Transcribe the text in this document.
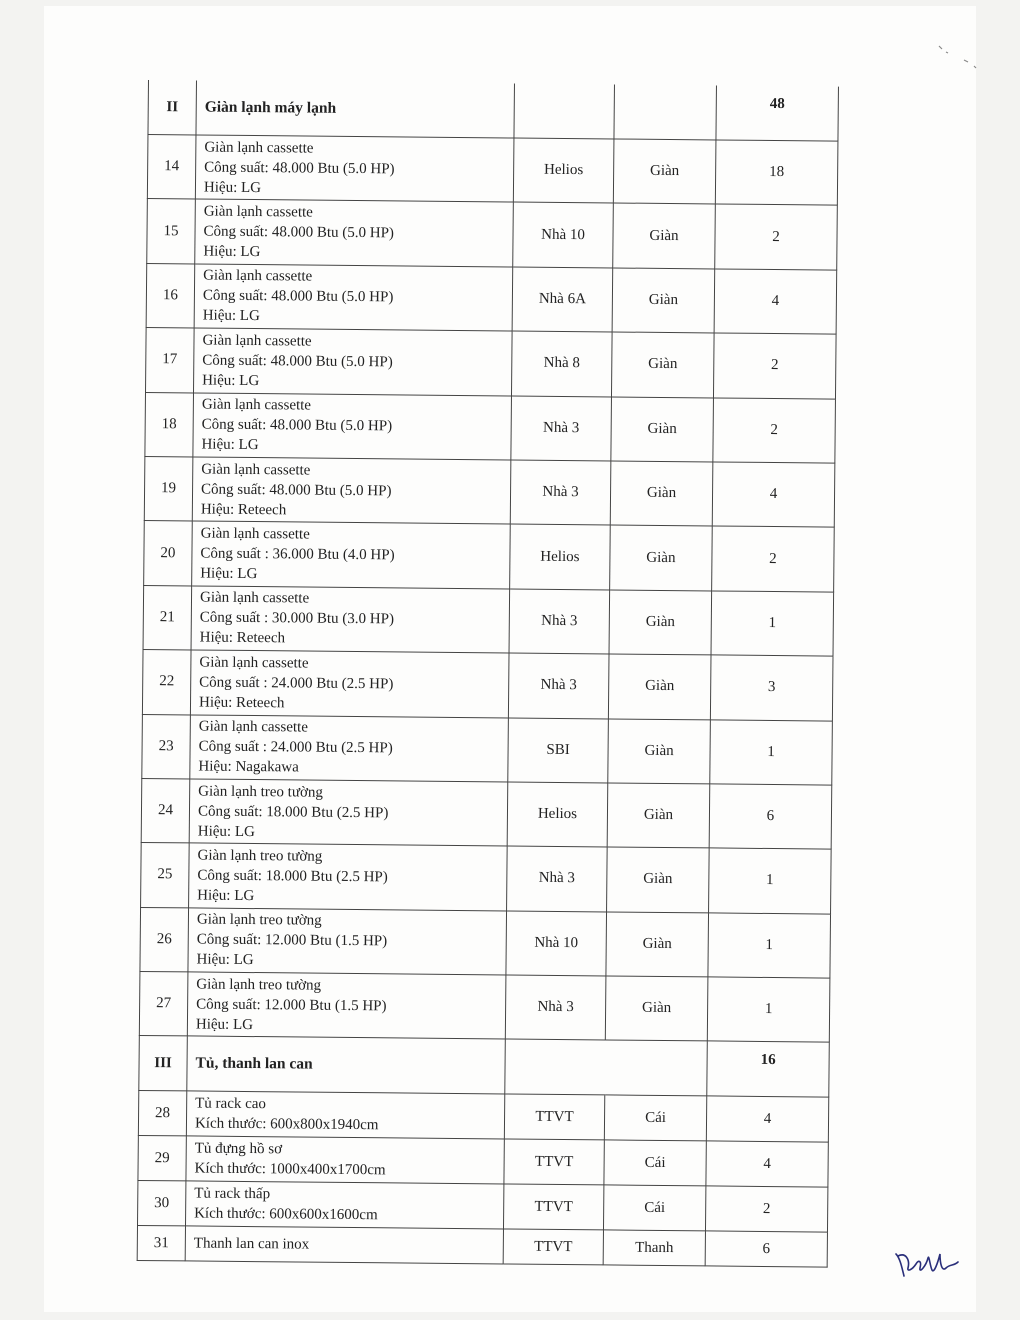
II	Giàn lạnh máy lạnh			48
14	Giàn lạnh cassette
Công suất: 48.000 Btu (5.0 HP)
Hiệu: LG	Helios	Giàn	18
15	Giàn lạnh cassette
Công suất: 48.000 Btu (5.0 HP)
Hiệu: LG	Nhà 10	Giàn	2
16	Giàn lạnh cassette
Công suất: 48.000 Btu (5.0 HP)
Hiệu: LG	Nhà 6A	Giàn	4
17	Giàn lạnh cassette
Công suất: 48.000 Btu (5.0 HP)
Hiệu: LG	Nhà 8	Giàn	2
18	Giàn lạnh cassette
Công suất: 48.000 Btu (5.0 HP)
Hiệu: LG	Nhà 3	Giàn	2
19	Giàn lạnh cassette
Công suất: 48.000 Btu (5.0 HP)
Hiệu: Reteech	Nhà 3	Giàn	4
20	Giàn lạnh cassette
Công suất : 36.000 Btu (4.0 HP)
Hiệu: LG	Helios	Giàn	2
21	Giàn lạnh cassette
Công suất : 30.000 Btu (3.0 HP)
Hiệu: Reteech	Nhà 3	Giàn	1
22	Giàn lạnh cassette
Công suất : 24.000 Btu (2.5 HP)
Hiệu: Reteech	Nhà 3	Giàn	3
23	Giàn lạnh cassette
Công suất : 24.000 Btu (2.5 HP)
Hiệu: Nagakawa	SBI	Giàn	1
24	Giàn lạnh treo tường
Công suất: 18.000 Btu (2.5 HP)
Hiệu: LG	Helios	Giàn	6
25	Giàn lạnh treo tường
Công suất: 18.000 Btu (2.5 HP)
Hiệu: LG	Nhà 3	Giàn	1
26	Giàn lạnh treo tường
Công suất: 12.000 Btu (1.5 HP)
Hiệu: LG	Nhà 10	Giàn	1
27	Giàn lạnh treo tường
Công suất: 12.000 Btu (1.5 HP)
Hiệu: LG	Nhà 3	Giàn	1
III	Tủ, thanh lan can			16
28	Tủ rack cao
Kích thước: 600x800x1940cm	TTVT	Cái	4
29	Tủ đựng hồ sơ
Kích thước: 1000x400x1700cm	TTVT	Cái	4
30	Tủ rack thấp
Kích thước: 600x600x1600cm	TTVT	Cái	2
31	Thanh lan can inox	TTVT	Thanh	6
